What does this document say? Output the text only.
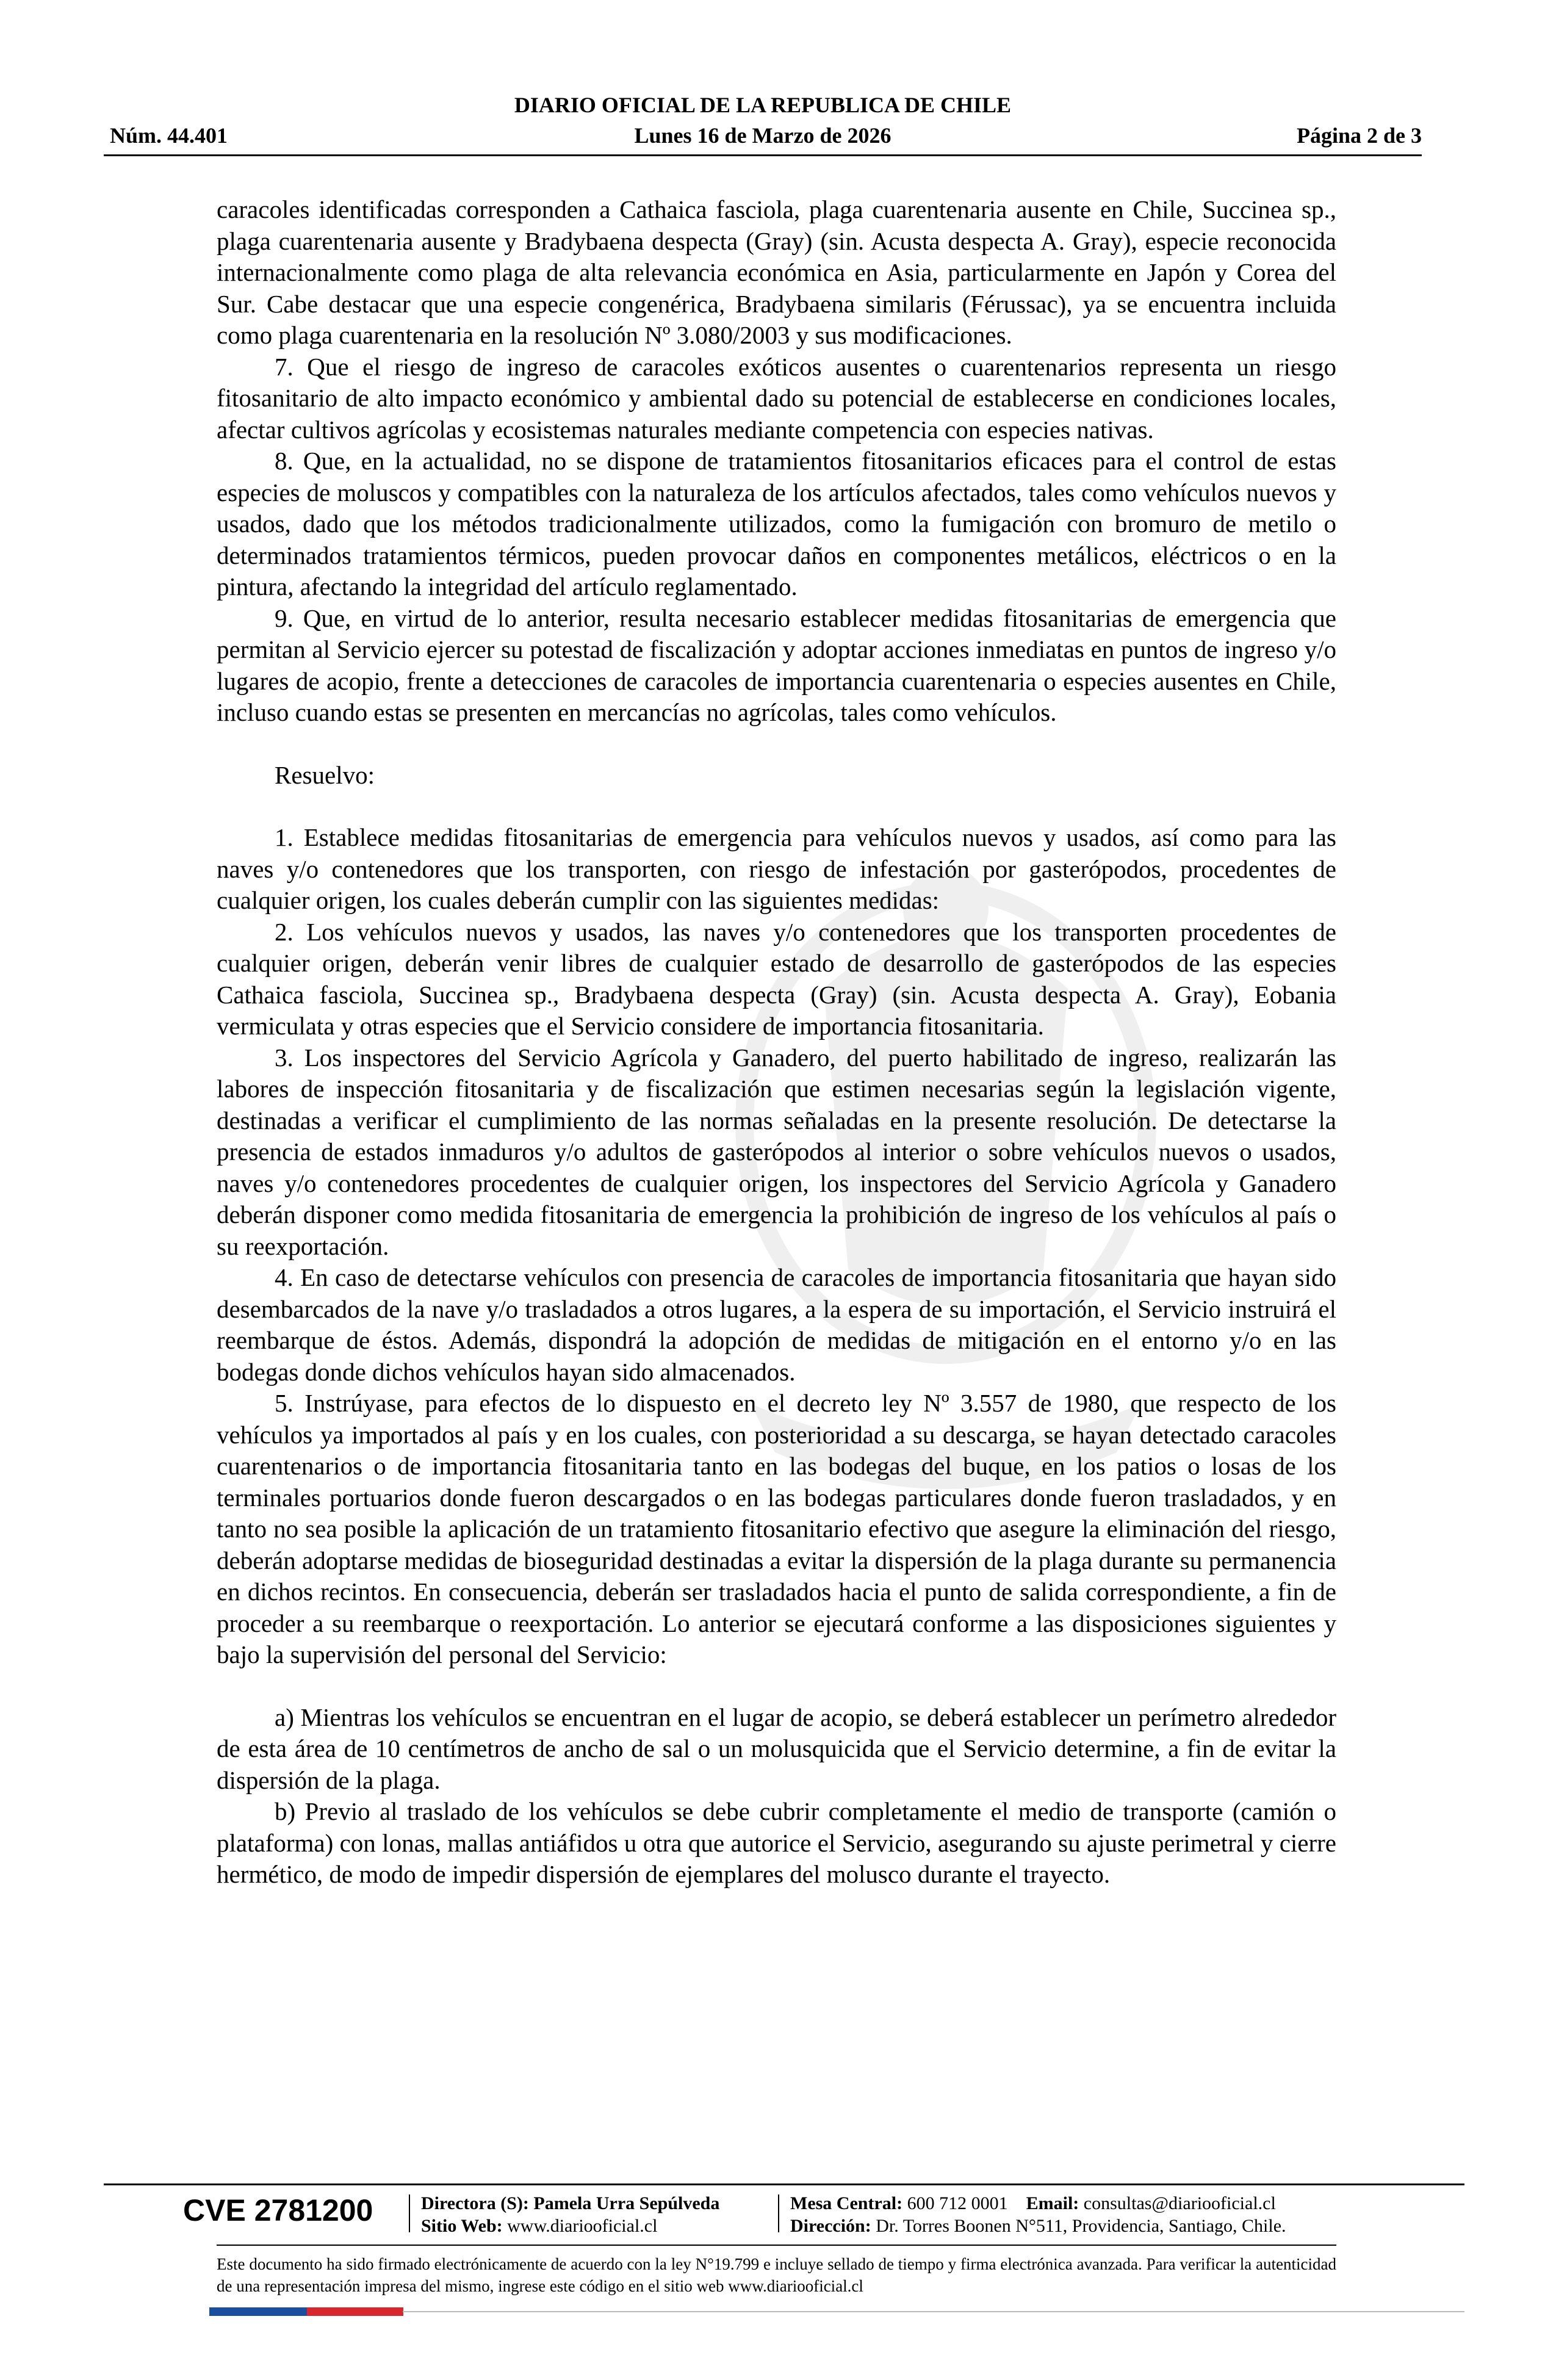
DIARIO OFICIAL DE LA REPUBLICA DE CHILE
Núm. 44.401	Lunes 16 de Marzo de 2026	Página 2 de 3

caracoles identificadas corresponden a Cathaica fasciola, plaga cuarentenaria ausente en Chile, Succinea sp., plaga cuarentenaria ausente y Bradybaena despecta (Gray) (sin. Acusta despecta A. Gray), especie reconocida internacionalmente como plaga de alta relevancia económica en Asia, particularmente en Japón y Corea del Sur. Cabe destacar que una especie congenérica, Bradybaena similaris (Férussac), ya se encuentra incluida como plaga cuarentenaria en la resolución Nº 3.080/2003 y sus modificaciones.

7. Que el riesgo de ingreso de caracoles exóticos ausentes o cuarentenarios representa un riesgo fitosanitario de alto impacto económico y ambiental dado su potencial de establecerse en condiciones locales, afectar cultivos agrícolas y ecosistemas naturales mediante competencia con especies nativas.

8. Que, en la actualidad, no se dispone de tratamientos fitosanitarios eficaces para el control de estas especies de moluscos y compatibles con la naturaleza de los artículos afectados, tales como vehículos nuevos y usados, dado que los métodos tradicionalmente utilizados, como la fumigación con bromuro de metilo o determinados tratamientos térmicos, pueden provocar daños en componentes metálicos, eléctricos o en la pintura, afectando la integridad del artículo reglamentado.

9. Que, en virtud de lo anterior, resulta necesario establecer medidas fitosanitarias de emergencia que permitan al Servicio ejercer su potestad de fiscalización y adoptar acciones inmediatas en puntos de ingreso y/o lugares de acopio, frente a detecciones de caracoles de importancia cuarentenaria o especies ausentes en Chile, incluso cuando estas se presenten en mercancías no agrícolas, tales como vehículos.

Resuelvo:

1. Establece medidas fitosanitarias de emergencia para vehículos nuevos y usados, así como para las naves y/o contenedores que los transporten, con riesgo de infestación por gasterópodos, procedentes de cualquier origen, los cuales deberán cumplir con las siguientes medidas:

2. Los vehículos nuevos y usados, las naves y/o contenedores que los transporten procedentes de cualquier origen, deberán venir libres de cualquier estado de desarrollo de gasterópodos de las especies Cathaica fasciola, Succinea sp., Bradybaena despecta (Gray) (sin. Acusta despecta A. Gray), Eobania vermiculata y otras especies que el Servicio considere de importancia fitosanitaria.

3. Los inspectores del Servicio Agrícola y Ganadero, del puerto habilitado de ingreso, realizarán las labores de inspección fitosanitaria y de fiscalización que estimen necesarias según la legislación vigente, destinadas a verificar el cumplimiento de las normas señaladas en la presente resolución. De detectarse la presencia de estados inmaduros y/o adultos de gasterópodos al interior o sobre vehículos nuevos o usados, naves y/o contenedores procedentes de cualquier origen, los inspectores del Servicio Agrícola y Ganadero deberán disponer como medida fitosanitaria de emergencia la prohibición de ingreso de los vehículos al país o su reexportación.

4. En caso de detectarse vehículos con presencia de caracoles de importancia fitosanitaria que hayan sido desembarcados de la nave y/o trasladados a otros lugares, a la espera de su importación, el Servicio instruirá el reembarque de éstos. Además, dispondrá la adopción de medidas de mitigación en el entorno y/o en las bodegas donde dichos vehículos hayan sido almacenados.

5. Instrúyase, para efectos de lo dispuesto en el decreto ley Nº 3.557 de 1980, que respecto de los vehículos ya importados al país y en los cuales, con posterioridad a su descarga, se hayan detectado caracoles cuarentenarios o de importancia fitosanitaria tanto en las bodegas del buque, en los patios o losas de los terminales portuarios donde fueron descargados o en las bodegas particulares donde fueron trasladados, y en tanto no sea posible la aplicación de un tratamiento fitosanitario efectivo que asegure la eliminación del riesgo, deberán adoptarse medidas de bioseguridad destinadas a evitar la dispersión de la plaga durante su permanencia en dichos recintos. En consecuencia, deberán ser trasladados hacia el punto de salida correspondiente, a fin de proceder a su reembarque o reexportación. Lo anterior se ejecutará conforme a las disposiciones siguientes y bajo la supervisión del personal del Servicio:

a) Mientras los vehículos se encuentran en el lugar de acopio, se deberá establecer un perímetro alrededor de esta área de 10 centímetros de ancho de sal o un molusquicida que el Servicio determine, a fin de evitar la dispersión de la plaga.

b) Previo al traslado de los vehículos se debe cubrir completamente el medio de transporte (camión o plataforma) con lonas, mallas antiáfidos u otra que autorice el Servicio, asegurando su ajuste perimetral y cierre hermético, de modo de impedir dispersión de ejemplares del molusco durante el trayecto.

CVE 2781200	Directora (S): Pamela Urra Sepúlveda
Sitio Web: www.diariooficial.cl
Mesa Central: 600 712 0001 Email: consultas@diariooficial.cl
Dirección: Dr. Torres Boonen N°511, Providencia, Santiago, Chile.
Este documento ha sido firmado electrónicamente de acuerdo con la ley N°19.799 e incluye sellado de tiempo y firma electrónica avanzada. Para verificar la autenticidad de una representación impresa del mismo, ingrese este código en el sitio web www.diariooficial.cl
